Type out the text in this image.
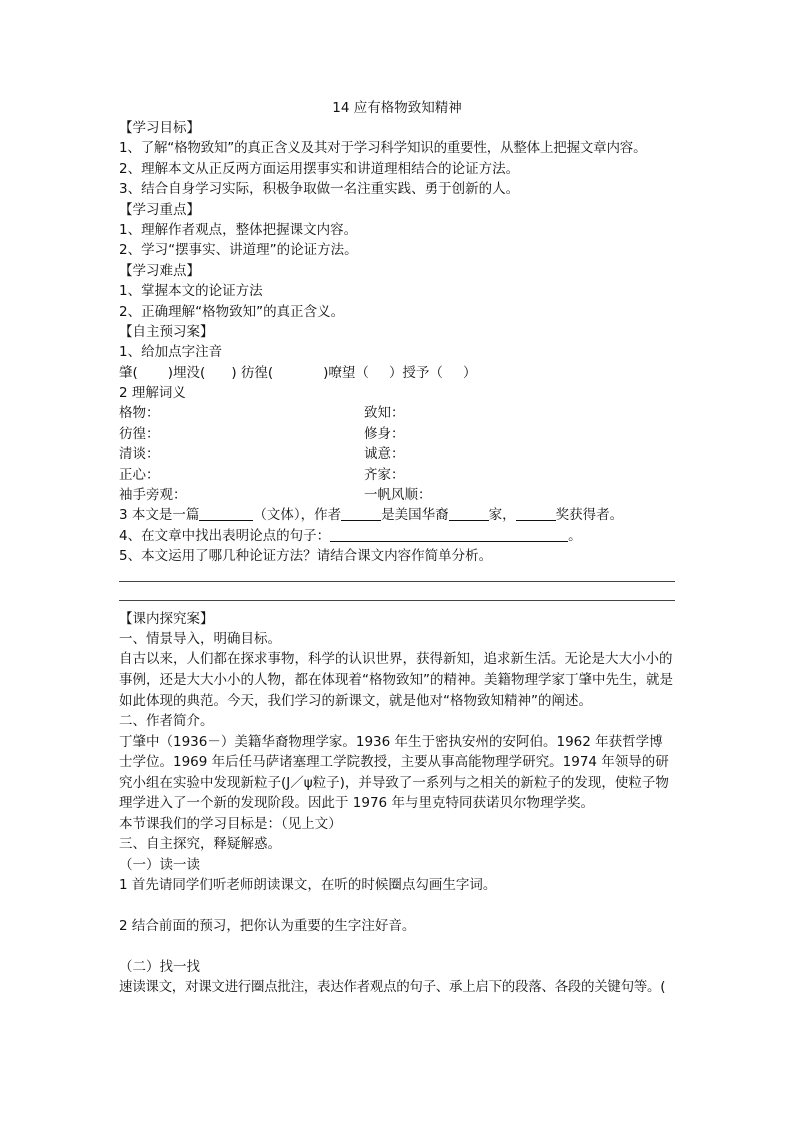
14 应有格物致知精神
【学习目标】
1、了解“格物致知”的真正含义及其对于学习科学知识的重要性，从整体上把握文章内容。
2、理解本文从正反两方面运用摆事实和讲道理相结合的论证方法。
3、结合自身学习实际，积极争取做一名注重实践、勇于创新的人。
【学习重点】
1、理解作者观点，整体把握课文内容。
2、学习“摆事实、讲道理”的论证方法。
【学习难点】
1、掌握本文的论证方法
2、正确理解“格物致知”的真正含义。
【自主预习案】
1、给加点字注音
肇( )埋没( ) 彷徨(	)嘹望（ ）授予（ ）
2 理解词义
格物：	致知：
彷徨：	修身：
清谈：	诚意：
正心：	齐家：
袖手旁观：	一帆风顺：
3 本文是一篇	（文体），作者	是美国华裔	家，	奖获得者。
4、在文章中找出表明论点的句子：	。
5、本文运用了哪几种论证方法？请结合课文内容作简单分析。
【课内探究案】
一、情景导入，明确目标。
自古以来，人们都在探求事物，科学的认识世界，获得新知，追求新生活。无论是大大小小的事例，还是大大小小的人物，都在体现着“格物致知”的精神。美籍物理学家丁肇中先生，就是如此体现的典范。今天，我们学习的新课文，就是他对“格物致知精神”的阐述。
二、作者简介。
丁肇中（1936－）美籍华裔物理学家。1936 年生于密执安州的安阿伯。1962 年获哲学博士学位。1969 年后任马萨诸塞理工学院教授，主要从事高能物理学研究。1974 年领导的研究小组在实验中发现新粒子(J／ψ粒子)，并导致了一系列与之相关的新粒子的发现，使粒子物理学进入了一个新的发现阶段。因此于 1976 年与里克特同获诺贝尔物理学奖。
本节课我们的学习目标是：（见上文）
三、自主探究，释疑解惑。
（一）读一读
1 首先请同学们听老师朗读课文，在听的时候圈点勾画生字词。
2 结合前面的预习，把你认为重要的生字注好音。
（二）找一找
速读课文，对课文进行圈点批注，表达作者观点的句子、承上启下的段落、各段的关键句等。(
